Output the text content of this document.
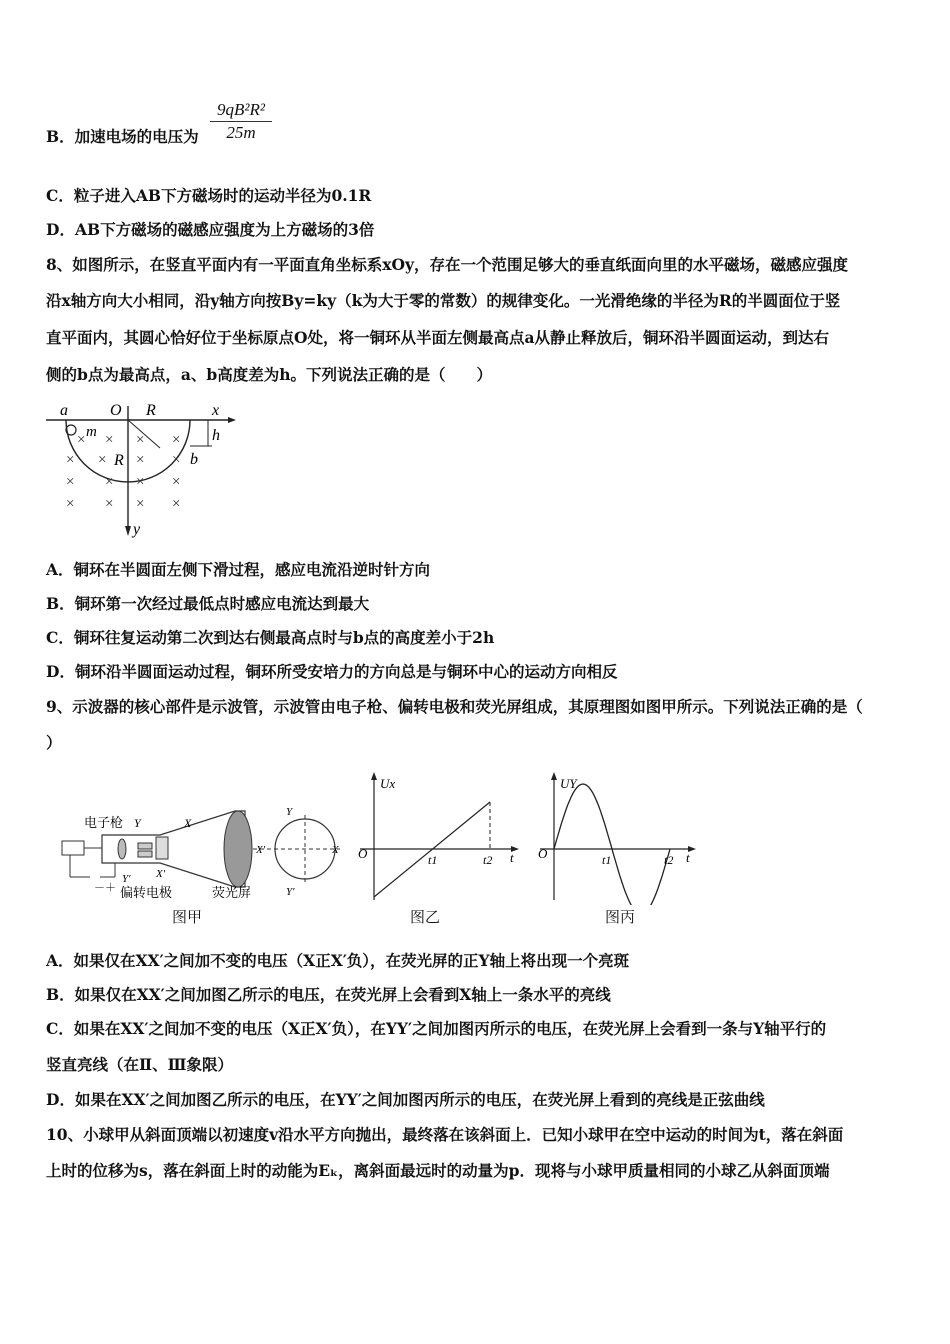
B．加速电场的电压为 $\frac{\text{9qB²R²}}{25m}$
C．粒子进入AB下方磁场时的运动半径为0.1R
D．AB下方磁场的磁感应强度为上方磁场的3倍
8、如图所示，在竖直平面内有一平面直角坐标系xOy，存在一个范围足够大的垂直纸面向里的水平磁场，磁感应强度
沿x轴方向大小相同，沿y轴方向按By=ky（k为大于零的常数）的规律变化。一光滑绝缘的半径为R的半圆面位于竖
直平面内，其圆心恰好位于坐标原点O处，将一铜环从半面左侧最高点a从静止释放后，铜环沿半圆面运动，到达右
侧的b点为最高点，a、b高度差为h。下列说法正确的是（　　）
a	O R	x
m	h
b
R
y
× × × ×
× × × ×
× × × ×
× × × ×
A．铜环在半圆面左侧下滑过程，感应电流沿逆时针方向
B．铜环第一次经过最低点时感应电流达到最大
C．铜环往复运动第二次到达右侧最高点时与b点的高度差小于2h
D．铜环沿半圆面运动过程，铜环所受安培力的方向总是与铜环中心的运动方向相反
9、示波器的核心部件是示波管，示波管由电子枪、偏转电极和荧光屏组成，其原理图如图甲所示。下列说法正确的是（
）
电子枪 Y	X
Y′ X′
偏转电极	荧光屏
－＋
Y
Y′
X′	X
Ux
O	t1	t2 t
UY
O	t1	t2 t
图甲	图乙	图丙
A．如果仅在XX′之间加不变的电压（X正X′负），在荧光屏的正Y轴上将出现一个亮斑
B．如果仅在XX′之间加图乙所示的电压，在荧光屏上会看到X轴上一条水平的亮线
C．如果在XX′之间加不变的电压（X正X′负），在YY′之间加图丙所示的电压，在荧光屏上会看到一条与Y轴平行的
竖直亮线（在Ⅱ、Ⅲ象限）
D．如果在XX′之间加图乙所示的电压，在YY′之间加图丙所示的电压，在荧光屏上看到的亮线是正弦曲线
10、小球甲从斜面顶端以初速度v沿水平方向抛出，最终落在该斜面上．已知小球甲在空中运动的时间为t，落在斜面
上时的位移为s，落在斜面上时的动能为Eₖ，离斜面最远时的动量为p．现将与小球甲质量相同的小球乙从斜面顶端
